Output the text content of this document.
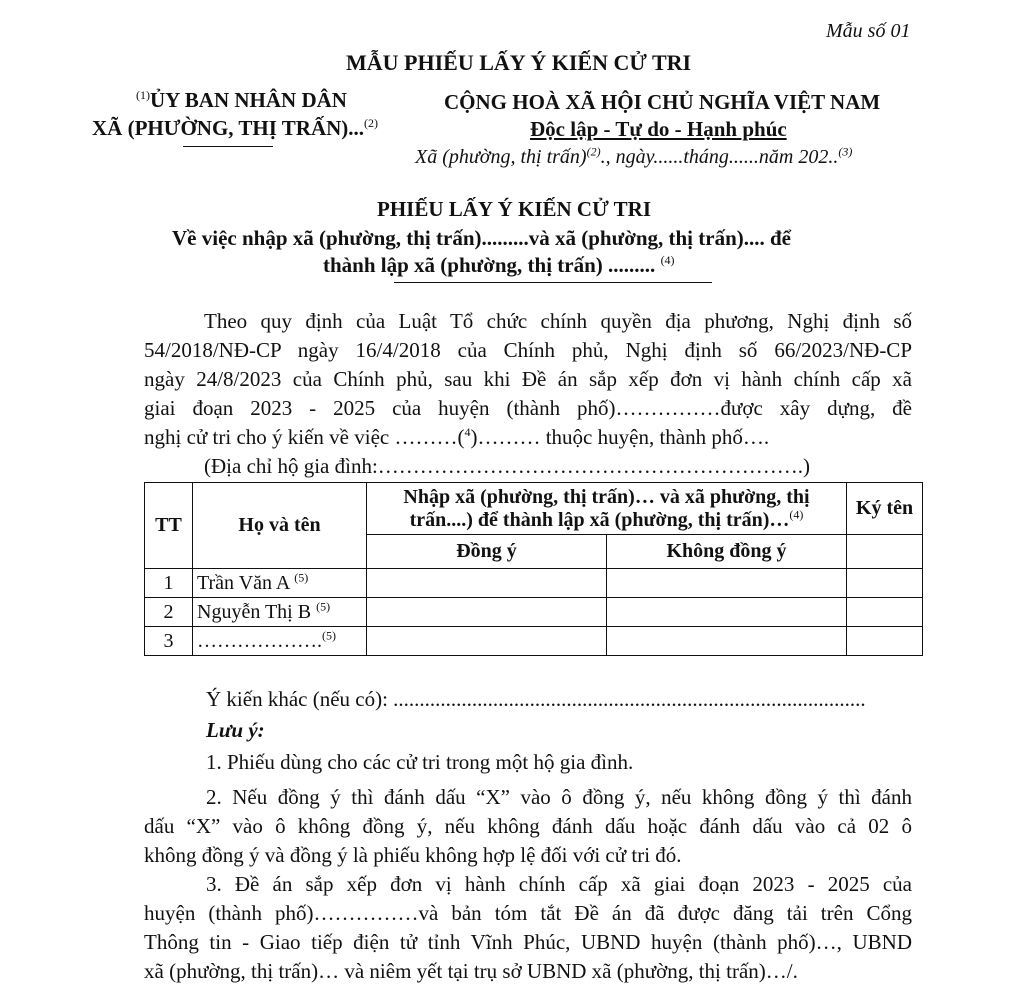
Mẫu số 01
MẪU PHIẾU LẤY Ý KIẾN CỬ TRI
$^{(1)}$ỦY BAN NHÂN DÂN
XÃ (PHƯỜNG, THỊ TRẤN)...$^{(2)}$
CỘNG HOÀ XÃ HỘI CHỦ NGHĨA VIỆT NAM
Độc lập - Tự do - Hạnh phúc
Xã (phường, thị trấn)$^{(2)}$., ngày......tháng......năm 202..$^{(3)}$
PHIẾU LẤY Ý KIẾN CỬ TRI
Về việc nhập xã (phường, thị trấn).........và xã (phường, thị trấn).... để
thành lập xã (phường, thị trấn) ......... $^{(4)}$
Theo quy định của Luật Tổ chức chính quyền địa phương, Nghị định số
54/2018/NĐ-CP ngày 16/4/2018 của Chính phủ, Nghị định số 66/2023/NĐ-CP
ngày 24/8/2023 của Chính phủ, sau khi Đề án sắp xếp đơn vị hành chính cấp xã
giai đoạn 2023 - 2025 của huyện (thành phố)……………được xây dựng, đề
nghị cử tri cho ý kiến về việc ………($^4$)……… thuộc huyện, thành phố….
(Địa chỉ hộ gia đình:…………………………………………………….)
TT	Họ và tên	Nhập xã (phường, thị trấn)… và xã phường, thị trấn....) để thành lập xã (phường, thị trấn)…$^{(4)}$		Ký tên
		Đồng ý	Không đồng ý	
1	Trần Văn A $^{(5)}$			
2	Nguyễn Thị B $^{(5)}$			
3	……………….$^{(5)}$			
Ý kiến khác (nếu có): ..........................................................................................
Lưu ý:
1. Phiếu dùng cho các cử tri trong một hộ gia đình.
2. Nếu đồng ý thì đánh dấu “X” vào ô đồng ý, nếu không đồng ý thì đánh
dấu “X” vào ô không đồng ý, nếu không đánh dấu hoặc đánh dấu vào cả 02 ô
không đồng ý và đồng ý là phiếu không hợp lệ đối với cử tri đó.
3. Đề án sắp xếp đơn vị hành chính cấp xã giai đoạn 2023 - 2025 của
huyện (thành phố)……………và bản tóm tắt Đề án đã được đăng tải trên Cổng
Thông tin - Giao tiếp điện tử tỉnh Vĩnh Phúc, UBND huyện (thành phố)…, UBND
xã (phường, thị trấn)… và niêm yết tại trụ sở UBND xã (phường, thị trấn)…/.
